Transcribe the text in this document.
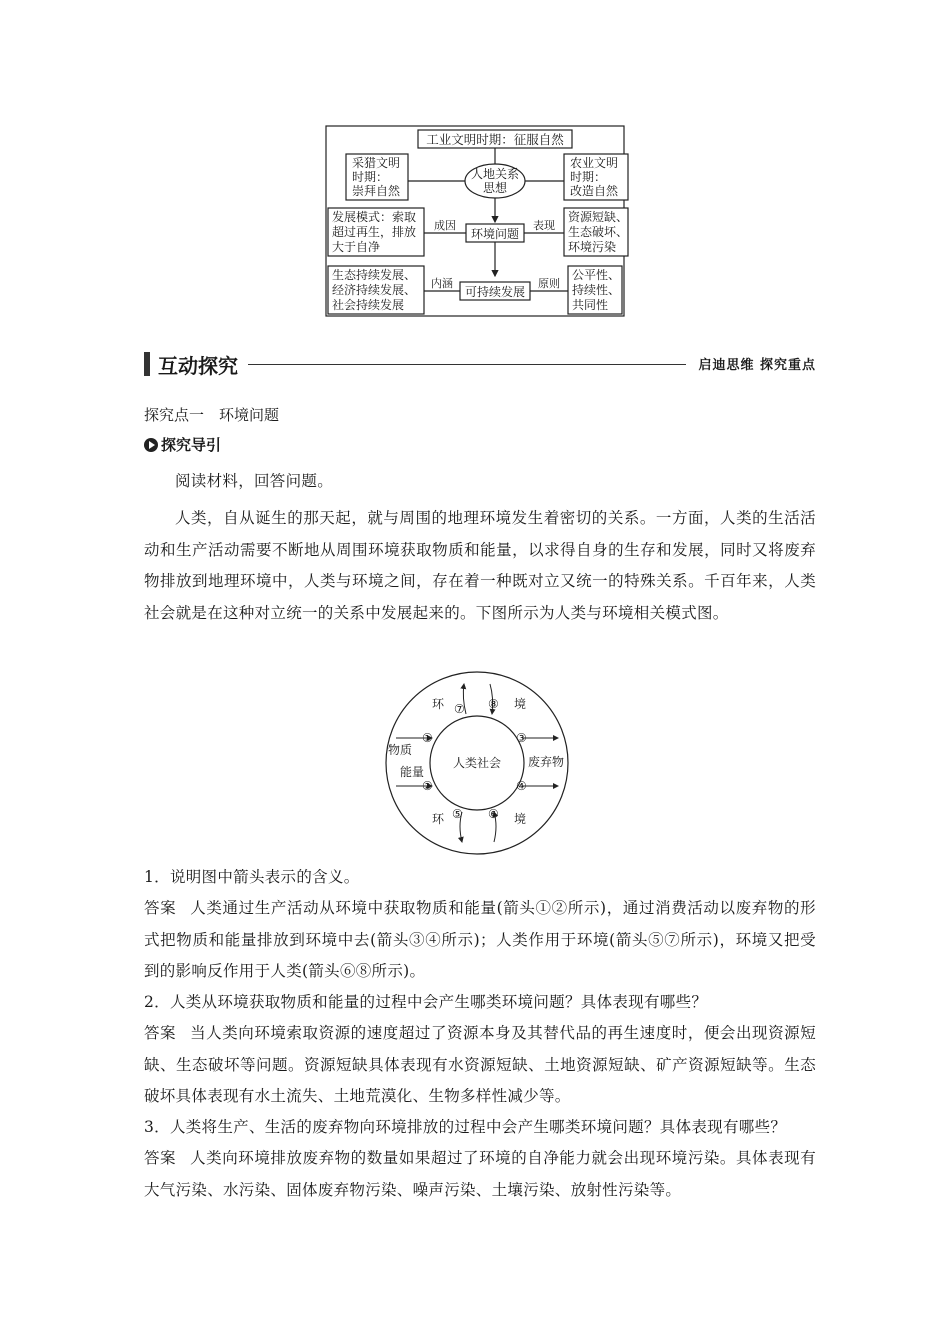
工业文明时期：征服自然
采猎文明
时期：
崇拜自然
人地关系
思想
农业文明
时期：
改造自然
发展模式：索取
超过再生，排放
大于自净
成因
环境问题
表现
资源短缺、
生态破坏、
环境污染
生态持续发展、
经济持续发展、
社会持续发展
内涵
可持续发展
原则
公平性、
持续性、
共同性
互动探究	启迪思维 探究重点
探究点一　环境问题
探究导引
阅读材料，回答问题。
人类，自从诞生的那天起，就与周围的地理环境发生着密切的关系。一方面，人类的生活活动和生产活动需要不断地从周围环境获取物质和能量，以求得自身的生存和发展，同时又将废弃物排放到地理环境中，人类与环境之间，存在着一种既对立又统一的特殊关系。千百年来，人类社会就是在这种对立统一的关系中发展起来的。下图所示为人类与环境相关模式图。
人类社会
环	境
环	境
物质
能量
废弃物
①
②
③
④
⑦ ⑧
⑤ ⑥
1．说明图中箭头表示的含义。
答案 人类通过生产活动从环境中获取物质和能量(箭头①②所示)，通过消费活动以废弃物的形式把物质和能量排放到环境中去(箭头③④所示)；人类作用于环境(箭头⑤⑦所示)，环境又把受到的影响反作用于人类(箭头⑥⑧所示)。
2．人类从环境获取物质和能量的过程中会产生哪类环境问题？具体表现有哪些？
答案 当人类向环境索取资源的速度超过了资源本身及其替代品的再生速度时，便会出现资源短缺、生态破坏等问题。资源短缺具体表现有水资源短缺、土地资源短缺、矿产资源短缺等。生态破坏具体表现有水土流失、土地荒漠化、生物多样性减少等。
3．人类将生产、生活的废弃物向环境排放的过程中会产生哪类环境问题？具体表现有哪些？
答案 人类向环境排放废弃物的数量如果超过了环境的自净能力就会出现环境污染。具体表现有大气污染、水污染、固体废弃物污染、噪声污染、土壤污染、放射性污染等。
